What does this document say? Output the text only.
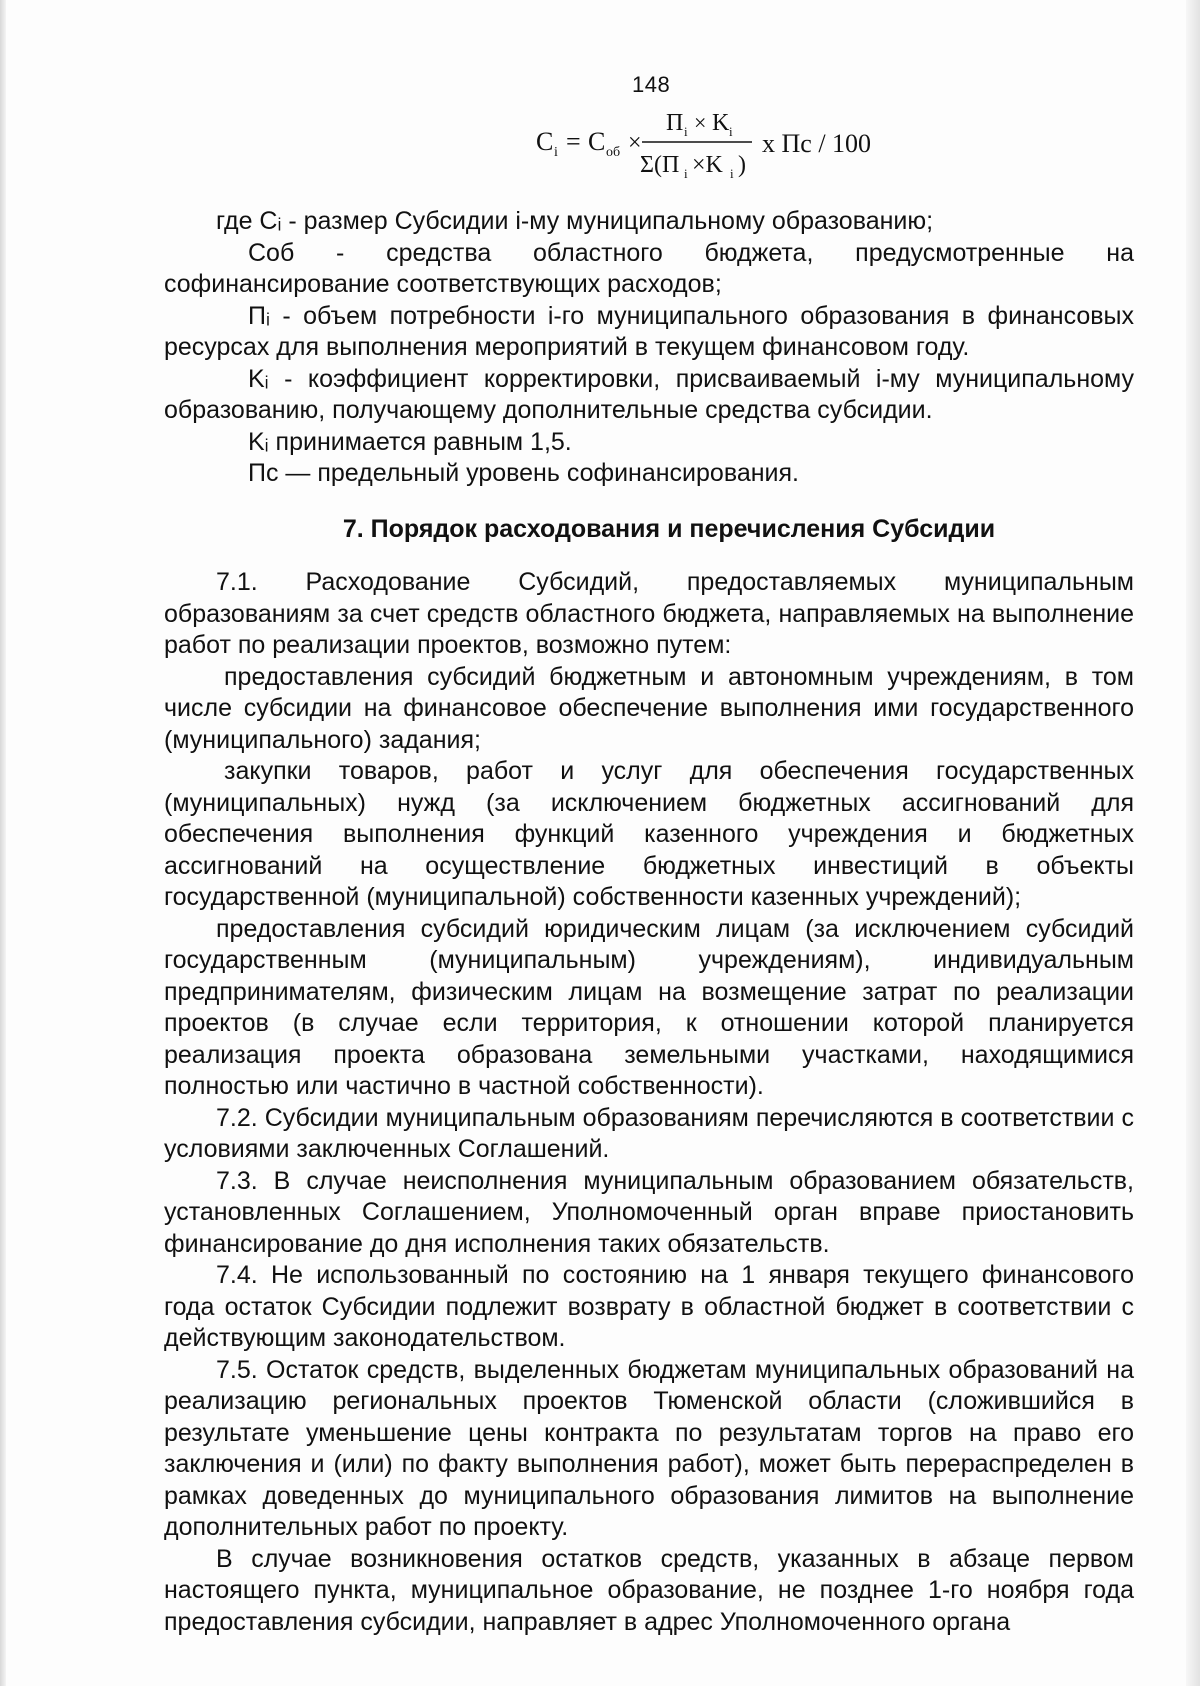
148
C i = C об ×
П i × K i
Σ(П i ×K i )
х Пс / 100

где Cᵢ - размер Субсидии i-му муниципальному образованию;

Cоб - средства областного бюджета, предусмотренные на софинансирование соответствующих расходов;

Пᵢ - объем потребности i-го муниципального образования в финансовых ресурсах для выполнения мероприятий в текущем финансовом году.

Kᵢ - коэффициент корректировки, присваиваемый i-му муниципальному образованию, получающему дополнительные средства субсидии.

Kᵢ принимается равным 1,5.

Пс — предельный уровень софинансирования.

7. Порядок расходования и перечисления Субсидии

7.1. Расходование Субсидий, предоставляемых муниципальным образованиям за счет средств областного бюджета, направляемых на выполнение работ по реализации проектов, возможно путем:

предоставления субсидий бюджетным и автономным учреждениям, в том числе субсидии на финансовое обеспечение выполнения ими государственного (муниципального) задания;

закупки товаров, работ и услуг для обеспечения государственных (муниципальных) нужд (за исключением бюджетных ассигнований для обеспечения выполнения функций казенного учреждения и бюджетных ассигнований на осуществление бюджетных инвестиций в объекты государственной (муниципальной) собственности казенных учреждений);

предоставления субсидий юридическим лицам (за исключением субсидий государственным (муниципальным) учреждениям), индивидуальным предпринимателям, физическим лицам на возмещение затрат по реализации проектов (в случае если территория, к отношении которой планируется реализация проекта образована земельными участками, находящимися полностью или частично в частной собственности).

7.2. Субсидии муниципальным образованиям перечисляются в соответствии с условиями заключенных Соглашений.

7.3. В случае неисполнения муниципальным образованием обязательств, установленных Соглашением, Уполномоченный орган вправе приостановить финансирование до дня исполнения таких обязательств.

7.4. Не использованный по состоянию на 1 января текущего финансового года остаток Субсидии подлежит возврату в областной бюджет в соответствии с действующим законодательством.

7.5. Остаток средств, выделенных бюджетам муниципальных образований на реализацию региональных проектов Тюменской области (сложившийся в результате уменьшение цены контракта по результатам торгов на право его заключения и (или) по факту выполнения работ), может быть перераспределен в рамках доведенных до муниципального образования лимитов на выполнение дополнительных работ по проекту.

В случае возникновения остатков средств, указанных в абзаце первом настоящего пункта, муниципальное образование, не позднее 1-го ноября года предоставления субсидии, направляет в адрес Уполномоченного органа
